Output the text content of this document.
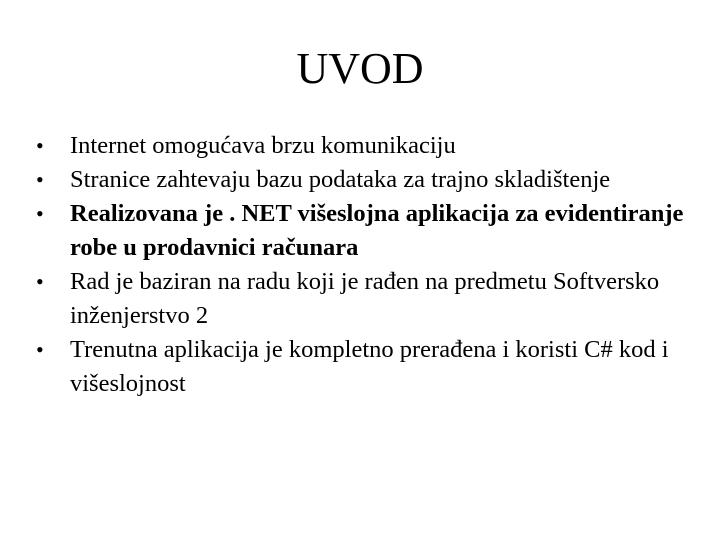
UVOD
•	Internet omogućava brzu komunikaciju
•	Stranice zahtevaju bazu podataka za trajno skladištenje
•	Realizovana je . NET višeslojna aplikacija za evidentiranje robe u prodavnici računara
•	Rad je baziran na radu koji je rađen na predmetu Softversko inženjerstvo 2
•	Trenutna aplikacija je kompletno prerađena i koristi C# kod i višeslojnost
